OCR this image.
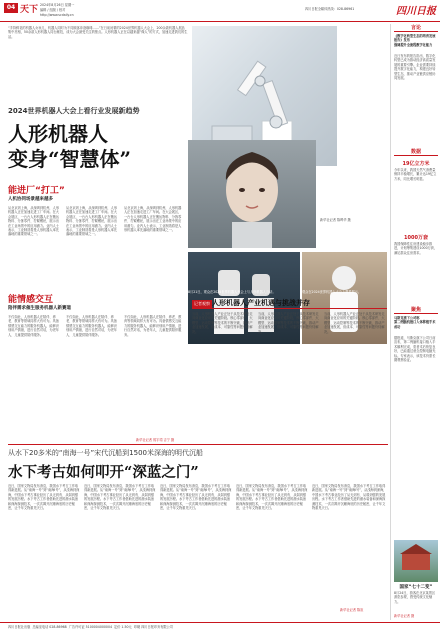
04 天下 2024年8月26日 星期一
编辑 / 组版 / 校对
http://www.scdaily.cn
四川日报全媒体热线：028-86961	四川日报
“手持鲜花的机器人女孩儿，机器人同时为不同顾客冲泡咖啡……”在日前闭幕的2024世界机器人大会上，200余款机器人展品集中亮相，50余款人形机器人同台献技，成为大会最受关注的焦点。人形机器人正在以越来越“像人”的方式，加速走进我们的生活。
2024世界机器人大会上看行业发展新趋势
人形机器人
变身“智慧体”
新华社记者 陈晔华 摄
能进厂“打工”
人机协同场景越来越多
从北京到上海，从深圳到杭州，人形机器人正在加速走进工厂车间。在大会展区，一台台人形机器人正在搬运物料、分拣零件、拧紧螺丝，展示出在工业场景中的应用潜力。业内人士表示，工业制造将是人形机器人率先落地的重要领域之一。
从北京到上海，从深圳到杭州，人形机器人正在加速走进工厂车间。在大会展区，一台台人形机器人正在搬运物料、分拣零件、拧紧螺丝，展示出在工业场景中的应用潜力。业内人士表示，工业制造将是人形机器人率先落地的重要领域之一。
从北京到上海，从深圳到杭州，人形机器人正在加速走进工厂车间。在大会展区，一台台人形机器人正在搬运物料、分拣零件、拧紧螺丝，展示出在工业场景中的应用潜力。业内人士表示，工业制造将是人形机器人率先落地的重要领域之一。
能情感交互
陪伴需求催生服务机器人新赛道
不仅如此，人形机器人在陪伴、养老、教育等领域同样大有可为。具备情感交互能力的服务机器人，能够识别用户情绪，进行自然对话，为老年人、儿童提供陪伴服务。
不仅如此，人形机器人在陪伴、养老、教育等领域同样大有可为。具备情感交互能力的服务机器人，能够识别用户情绪，进行自然对话，为老年人、儿童提供陪伴服务。
不仅如此，人形机器人在陪伴、养老、教育等领域同样大有可为。具备情感交互能力的服务机器人，能够识别用户情绪，进行自然对话，为老年人、儿童提供陪伴服务。
8月21日，观众在2024世界机器人大会上与人形机器人互动。	观众在2024世界机器人大会上观看展示。
记者观察 人形机器人产业机遇与挑战并存
当前，人形机器人产业正处于从技术研发走向商业化应用的关键阶段。核心零部件、大模型、运动控制等技术的不断突破，推动产业加速发展，但成本、可靠性等问题仍待解决。
当前，人形机器人产业正处于从技术研发走向商业化应用的关键阶段。核心零部件、大模型、运动控制等技术的不断突破，推动产业加速发展，但成本、可靠性等问题仍待解决。
当前，人形机器人产业正处于从技术研发走向商业化应用的关键阶段。核心零部件、大模型、运动控制等技术的不断突破，推动产业加速发展，但成本、可靠性等问题仍待解决。
新华社记者 郭宇靖 吉宁 摄
从水下20多米的“南海一号”宋代沉船到1500米深海的明代沉船
水下考古如何叩开“深蓝之门”
近日，国家文物局发布消息，我国水下考古工作取得新进展。从“南海一号”到“南海Ⅰ号”，从浅海到深海，中国水下考古事业经历了从无到有、从弱到强的发展历程。水下考古工作者借助先进的潜水装备和深海探测技术，一次次揭开沉睡海底的历史秘密，让千年文物重见天日。
近日，国家文物局发布消息，我国水下考古工作取得新进展。从“南海一号”到“南海Ⅰ号”，从浅海到深海，中国水下考古事业经历了从无到有、从弱到强的发展历程。水下考古工作者借助先进的潜水装备和深海探测技术，一次次揭开沉睡海底的历史秘密，让千年文物重见天日。
近日，国家文物局发布消息，我国水下考古工作取得新进展。从“南海一号”到“南海Ⅰ号”，从浅海到深海，中国水下考古事业经历了从无到有、从弱到强的发展历程。水下考古工作者借助先进的潜水装备和深海探测技术，一次次揭开沉睡海底的历史秘密，让千年文物重见天日。
近日，国家文物局发布消息，我国水下考古工作取得新进展。从“南海一号”到“南海Ⅰ号”，从浅海到深海，中国水下考古事业经历了从无到有、从弱到强的发展历程。水下考古工作者借助先进的潜水装备和深海探测技术，一次次揭开沉睡海底的历史秘密，让千年文物重见天日。
近日，国家文物局发布消息，我国水下考古工作取得新进展。从“南海一号”到“南海Ⅰ号”，从浅海到深海，中国水下考古事业经历了从无到有、从弱到强的发展历程。水下考古工作者借助先进的潜水装备和深海探测技术，一次次揭开沉睡海底的历史秘密，让千年文物重见天日。
新华社记者 陈寂
言论
《数字化转型生态的培育发展报告》发布
强调提升全流程数字化能力
近日发布的报告指出，数字化转型已成为推动经济高质量发展的重要引擎。企业需要持续提升数字化能力，构建良好转型生态，推动产业链供应链协同发展。
数据
19亿立方米
今年以来，我国天然气消费量保持平稳增长，累计达19亿立方米，同比增长明显。
1000万套
我国保障性住房建设稳步推进，计划筹集建设1000万套，满足群众住房需求。
聚焦
马斯克旗下公司称
第二例脑机接口人体移植手术成功
据报道，马斯克旗下公司日前宣布，第二例脑机接口植入手术顺利完成，患者术后恢复良好，已能通过意念控制电脑光标。专家表示，该技术仍需长期观察验证。
国家“七十二变”
8月24日，游客在北京某景区游览参观，感受传统文化魅力。
新华社记者 摄
四川日报社出版  总编室电话 028-86968  广告许可证 5100004000004  定价 1.50元  印刷 四川日报印务有限公司
